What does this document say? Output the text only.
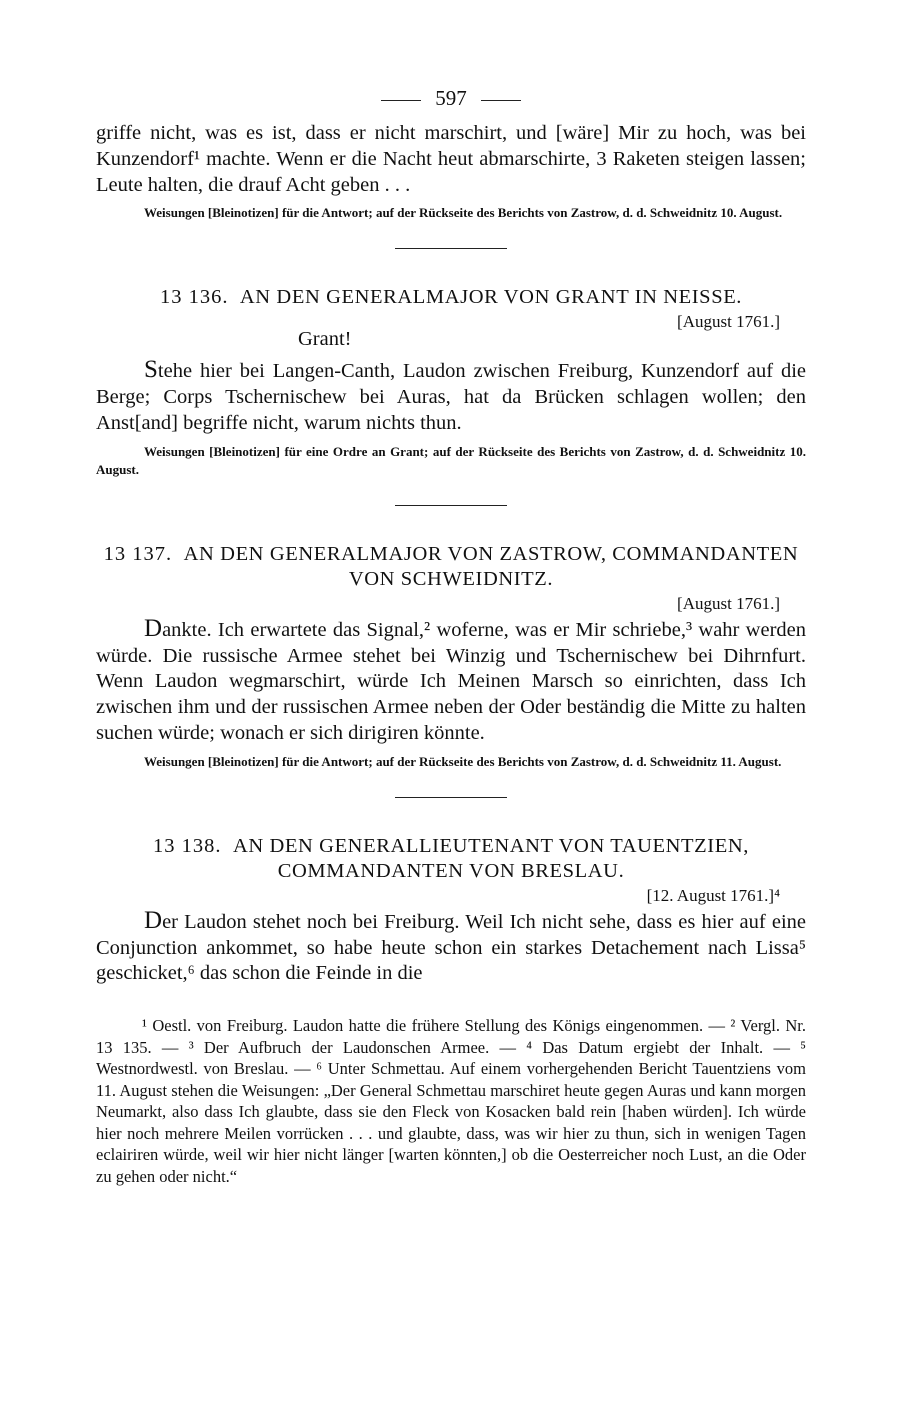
597

griffe nicht, was es ist, dass er nicht marschirt, und [wäre] Mir zu hoch, was bei Kunzendorf¹ machte. Wenn er die Nacht heut abmarschirte, 3 Raketen steigen lassen; Leute halten, die drauf Acht geben . . .

Weisungen [Bleinotizen] für die Antwort; auf der Rückseite des Berichts von Zastrow, d. d. Schweidnitz 10. August.

13 136. AN DEN GENERALMAJOR VON GRANT IN NEISSE.
[August 1761.]
Grant!

Stehe hier bei Langen-Canth, Laudon zwischen Freiburg, Kunzendorf auf die Berge; Corps Tschernischew bei Auras, hat da Brücken schlagen wollen; den Anst[and] begriffe nicht, warum nichts thun.

Weisungen [Bleinotizen] für eine Ordre an Grant; auf der Rückseite des Berichts von Zastrow, d. d. Schweidnitz 10. August.

13 137. AN DEN GENERALMAJOR VON ZASTROW, COMMANDANTEN VON SCHWEIDNITZ.
[August 1761.]

Dankte. Ich erwartete das Signal,² woferne, was er Mir schriebe,³ wahr werden würde. Die russische Armee stehet bei Winzig und Tschernischew bei Dihrnfurt. Wenn Laudon wegmarschirt, würde Ich Meinen Marsch so einrichten, dass Ich zwischen ihm und der russischen Armee neben der Oder beständig die Mitte zu halten suchen würde; wonach er sich dirigiren könnte.

Weisungen [Bleinotizen] für die Antwort; auf der Rückseite des Berichts von Zastrow, d. d. Schweidnitz 11. August.

13 138. AN DEN GENERALLIEUTENANT VON TAUENTZIEN, COMMANDANTEN VON BRESLAU.
[12. August 1761.]⁴

Der Laudon stehet noch bei Freiburg. Weil Ich nicht sehe, dass es hier auf eine Conjunction ankommet, so habe heute schon ein starkes Detachement nach Lissa⁵ geschicket,⁶ das schon die Feinde in die

¹ Oestl. von Freiburg. Laudon hatte die frühere Stellung des Königs eingenommen. — ² Vergl. Nr. 13 135. — ³ Der Aufbruch der Laudonschen Armee. — ⁴ Das Datum ergiebt der Inhalt. — ⁵ Westnordwestl. von Breslau. — ⁶ Unter Schmettau. Auf einem vorhergehenden Bericht Tauentziens vom 11. August stehen die Weisungen: „Der General Schmettau marschiret heute gegen Auras und kann morgen Neumarkt, also dass Ich glaubte, dass sie den Fleck von Kosacken bald rein [haben würden]. Ich würde hier noch mehrere Meilen vorrücken . . . und glaubte, dass, was wir hier zu thun, sich in wenigen Tagen eclairiren würde, weil wir hier nicht länger [warten könnten,] ob die Oesterreicher noch Lust, an die Oder zu gehen oder nicht.“
